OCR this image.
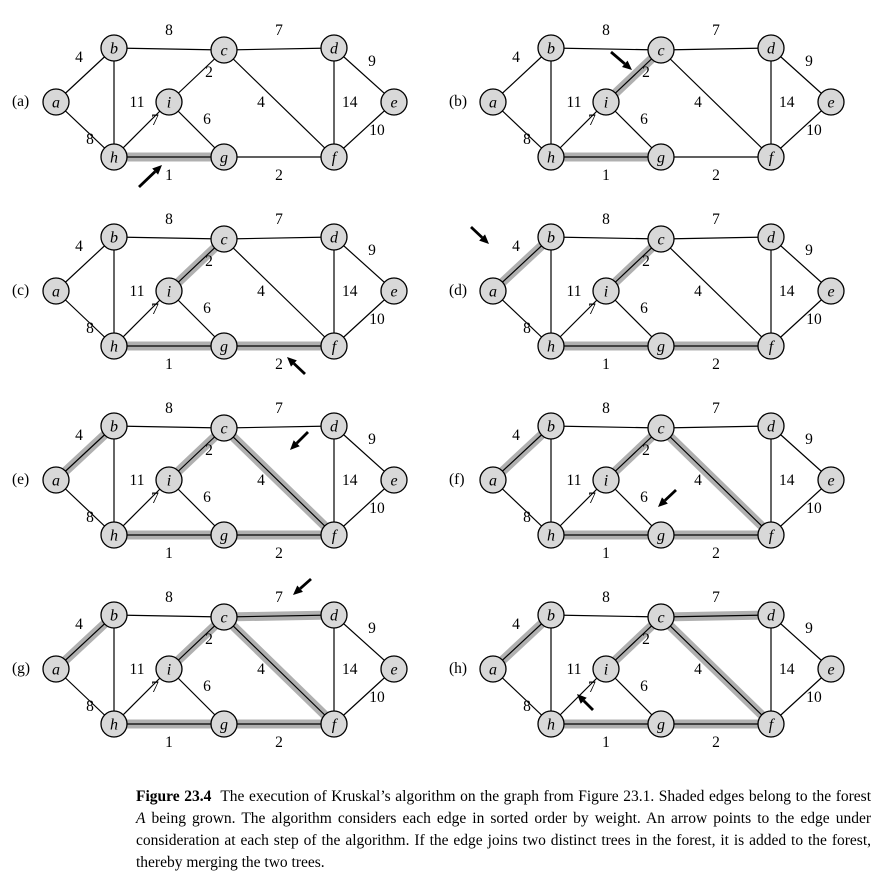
(a) a
b	c	d
e
i
h	g	f
4
8
8
11
7
4
2
9
14
10
2
1
6
7
(b) a
b	c	d
e
i
h	g	f
4
8
8
11
7
4
2
9
14
10
2
1
6
7
(c) a
b	c	d
e
i
h	g	f
4
8
8
11
7
4
2
9
14
10
2
1
6
7
(d) a
b	c	d
e
i
h	g	f
4
8
8
11
7
4
2
9
14
10
2
1
6
7
(e) a
b	c	d
e
i
h	g	f
4
8
8
11
7
4
2
9
14
10
2
1
6
7
(f) a
b	c	d
e
i
h	g	f
4
8
8
11
7
4
2
9
14
10
2
1
6
7
(g) a
b	c	d
e
i
h	g	f
4
8
8
11
7
4
2
9
14
10
2
1
6
7
(h) a
b	c	d
e
i
h	g	f
4
8
8
11
7
4
2
9
14
10
2
1
6
7

Figure 23.4 The execution of Kruskal’s algorithm on the graph from Figure 23.1. Shaded edges belong to the forest A being grown. The algorithm considers each edge in sorted order by weight. An arrow points to the edge under consideration at each step of the algorithm. If the edge joins two distinct trees in the forest, it is added to the forest, thereby merging the two trees.
